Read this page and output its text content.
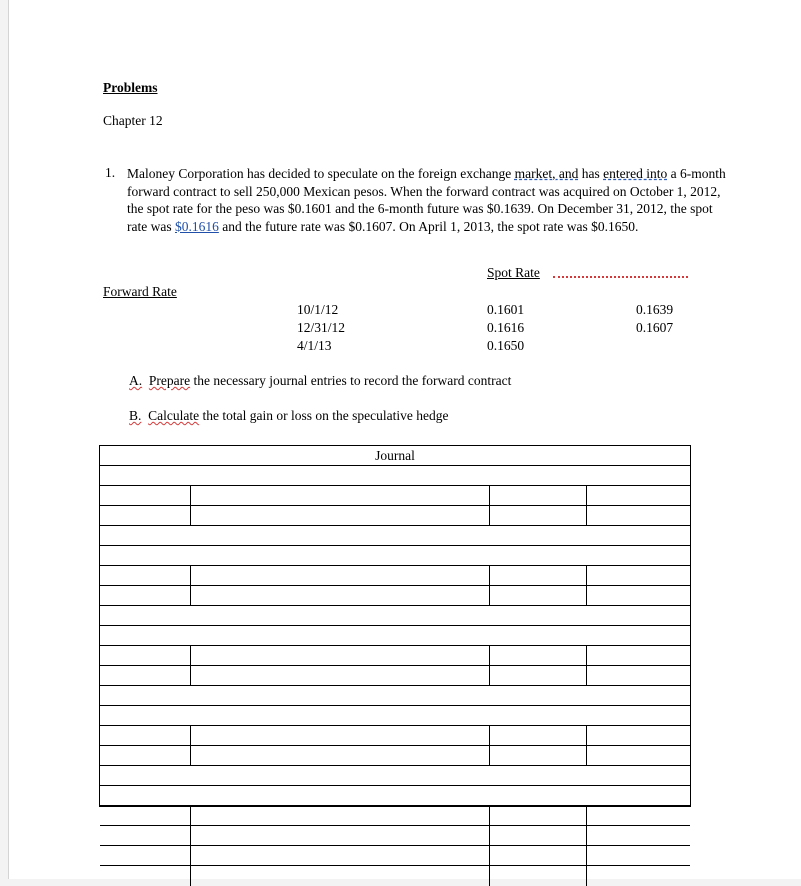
Problems
Chapter 12
1. Maloney Corporation has decided to speculate on the foreign exchange market, and has entered into a 6-month forward contract to sell 250,000 Mexican pesos. When the forward contract was acquired on October 1, 2012, the spot rate for the peso was $0.1601 and the 6-month future was $0.1639. On December 31, 2012, the spot rate was $0.1616 and the future rate was $0.1607. On April 1, 2013, the spot rate was $0.1650.
Spot Rate
Forward Rate
10/1/12	0.1601	0.1639
12/31/12	0.1616	0.1607
4/1/13	0.1650
A. Prepare the necessary journal entries to record the forward contract
B. Calculate the total gain or loss on the speculative hedge
Journal
